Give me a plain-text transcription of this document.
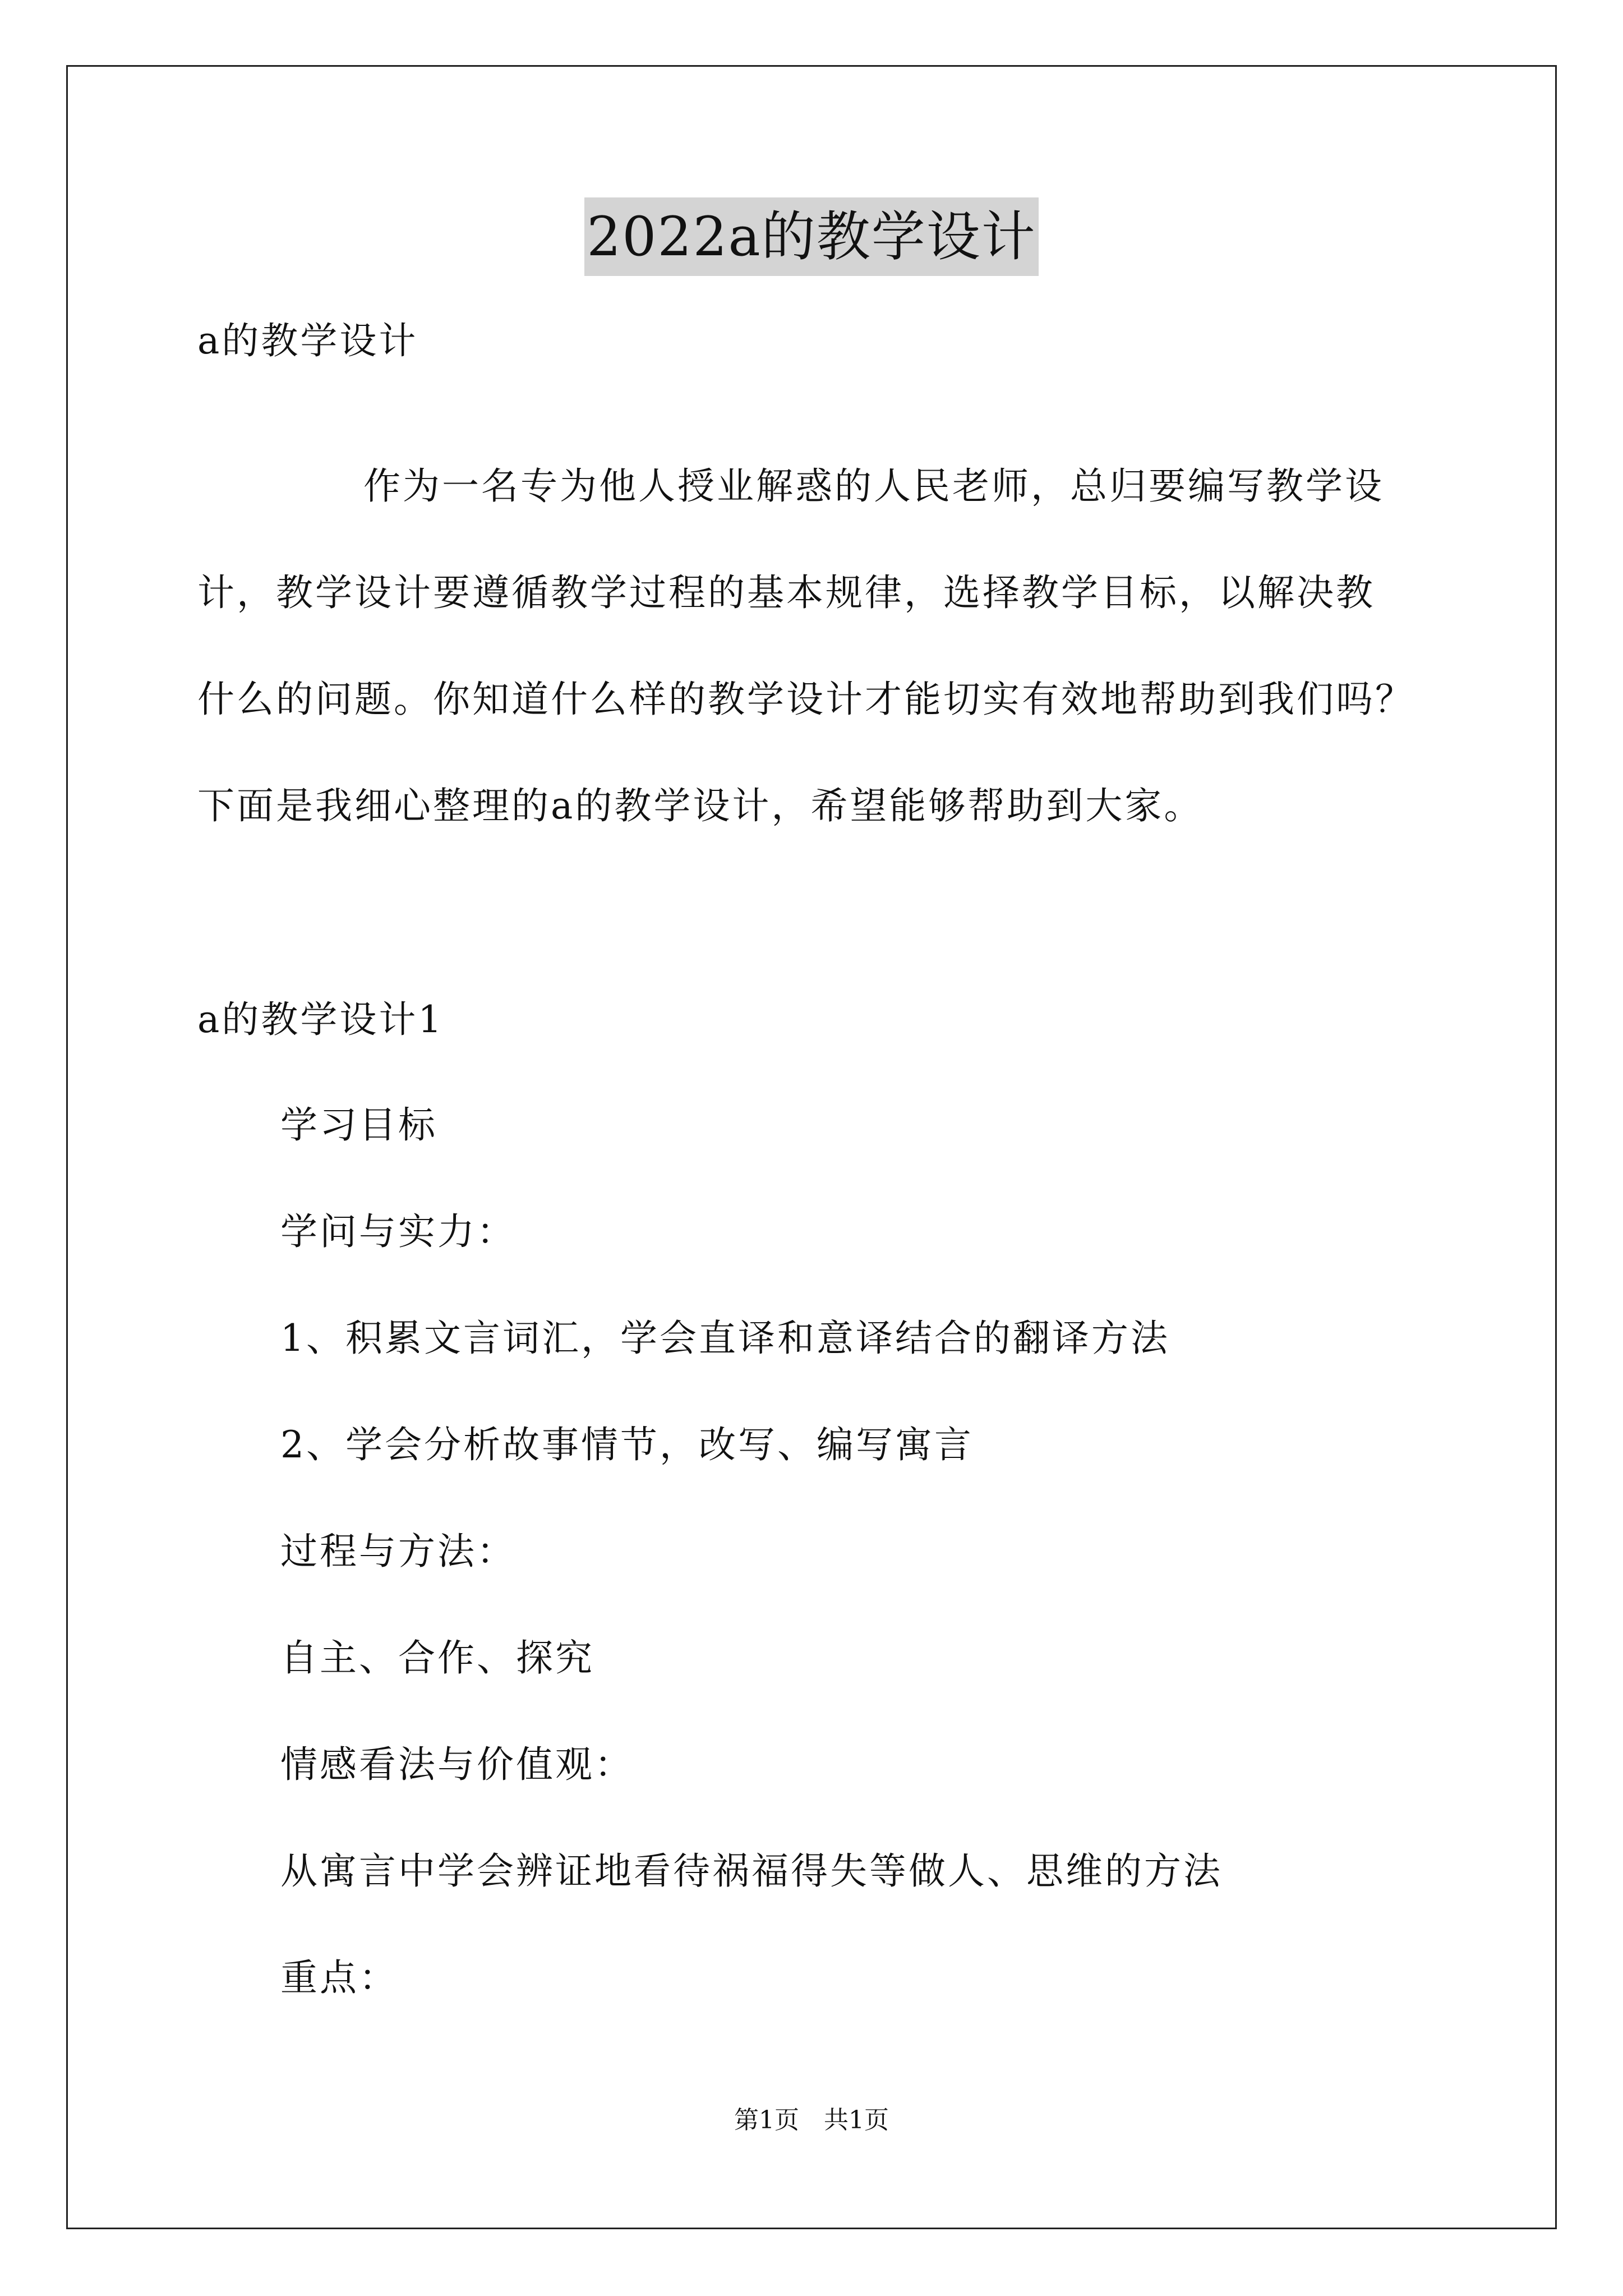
2022a的教学设计
a的教学设计
作为一名专为他人授业解惑的人民老师，总归要编写教学设
计，教学设计要遵循教学过程的基本规律，选择教学目标，以解决教
什么的问题。你知道什么样的教学设计才能切实有效地帮助到我们吗？
下面是我细心整理的a的教学设计，希望能够帮助到大家。
a的教学设计1
学习目标
学问与实力：
1、积累文言词汇，学会直译和意译结合的翻译方法
2、学会分析故事情节，改写、编写寓言
过程与方法：
自主、合作、探究
情感看法与价值观：
从寓言中学会辨证地看待祸福得失等做人、思维的方法
重点：
第1页　共1页
